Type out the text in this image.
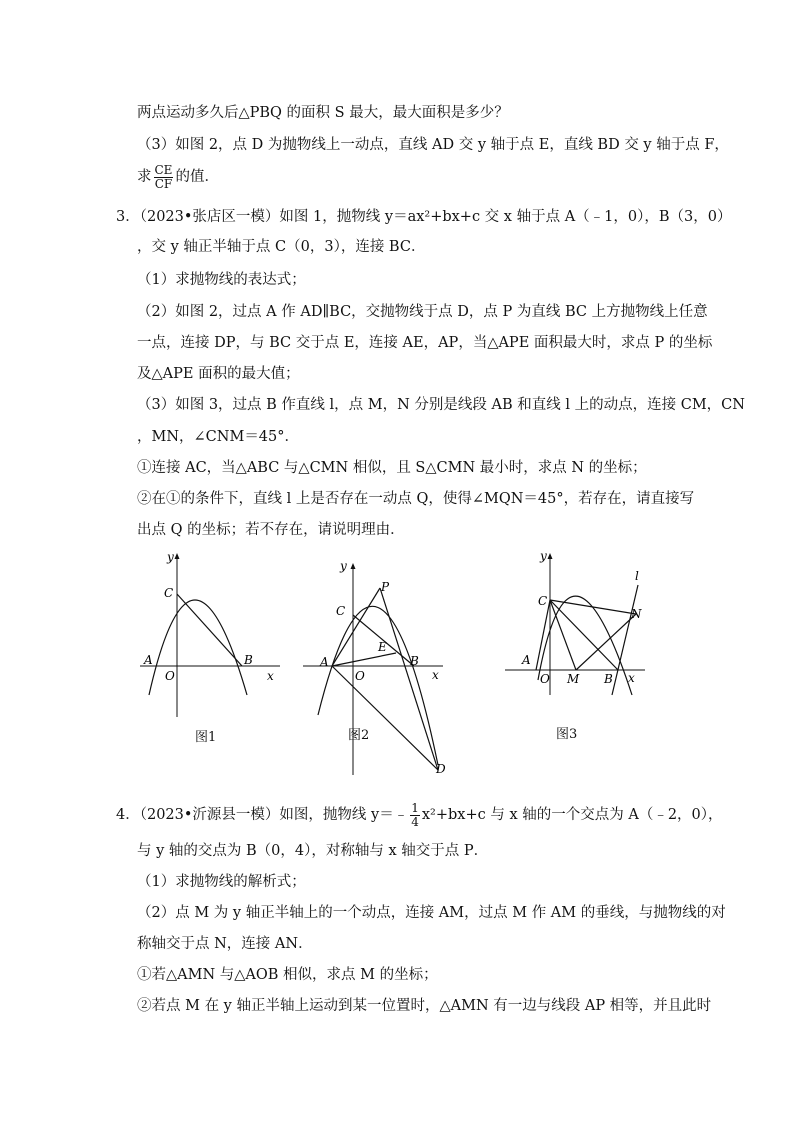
两点运动多久后△PBQ 的面积 S 最大，最大面积是多少？
（3）如图 2，点 D 为抛物线上一动点，直线 AD 交 y 轴于点 E，直线 BD 交 y 轴于点 F，
求 $\frac{CE}{CF}$ 的值．
3．（2023•张店区一模）如图 1，抛物线 y＝ax²+bx+c 交 x 轴于点 A（﹣1，0），B（3，0）
，交 y 轴正半轴于点 C（0，3），连接 BC．
（1）求抛物线的表达式；
（2）如图 2，过点 A 作 AD∥BC，交抛物线于点 D，点 P 为直线 BC 上方抛物线上任意
一点，连接 DP，与 BC 交于点 E，连接 AE，AP，当△APE 面积最大时，求点 P 的坐标
及△APE 面积的最大值；
（3）如图 3，过点 B 作直线 l，点 M，N 分别是线段 AB 和直线 l 上的动点，连接 CM，CN
，MN，∠CNM＝45°．
①连接 AC，当△ABC 与△CMN 相似，且 S△CMN 最小时，求点 N 的坐标；
②在①的条件下，直线 l 上是否存在一动点 Q，使得∠MQN＝45°，若存在，请直接写
出点 Q 的坐标；若不存在，请说明理由．
y
x
A	B
C
O
图1
y
x
A	B
C
O
P
E
D
图2
y
x
A
B
C
O M
N
l
图3
4．（2023•沂源县一模）如图，抛物线 y＝﹣ $\frac{1}{4} x^2+bx+c$ 与 x 轴的一个交点为 A（﹣2，0），
与 y 轴的交点为 B（0，4），对称轴与 x 轴交于点 P．
（1）求抛物线的解析式；
（2）点 M 为 y 轴正半轴上的一个动点，连接 AM，过点 M 作 AM 的垂线，与抛物线的对
称轴交于点 N，连接 AN．
①若△AMN 与△AOB 相似，求点 M 的坐标；
②若点 M 在 y 轴正半轴上运动到某一位置时，△AMN 有一边与线段 AP 相等，并且此时
